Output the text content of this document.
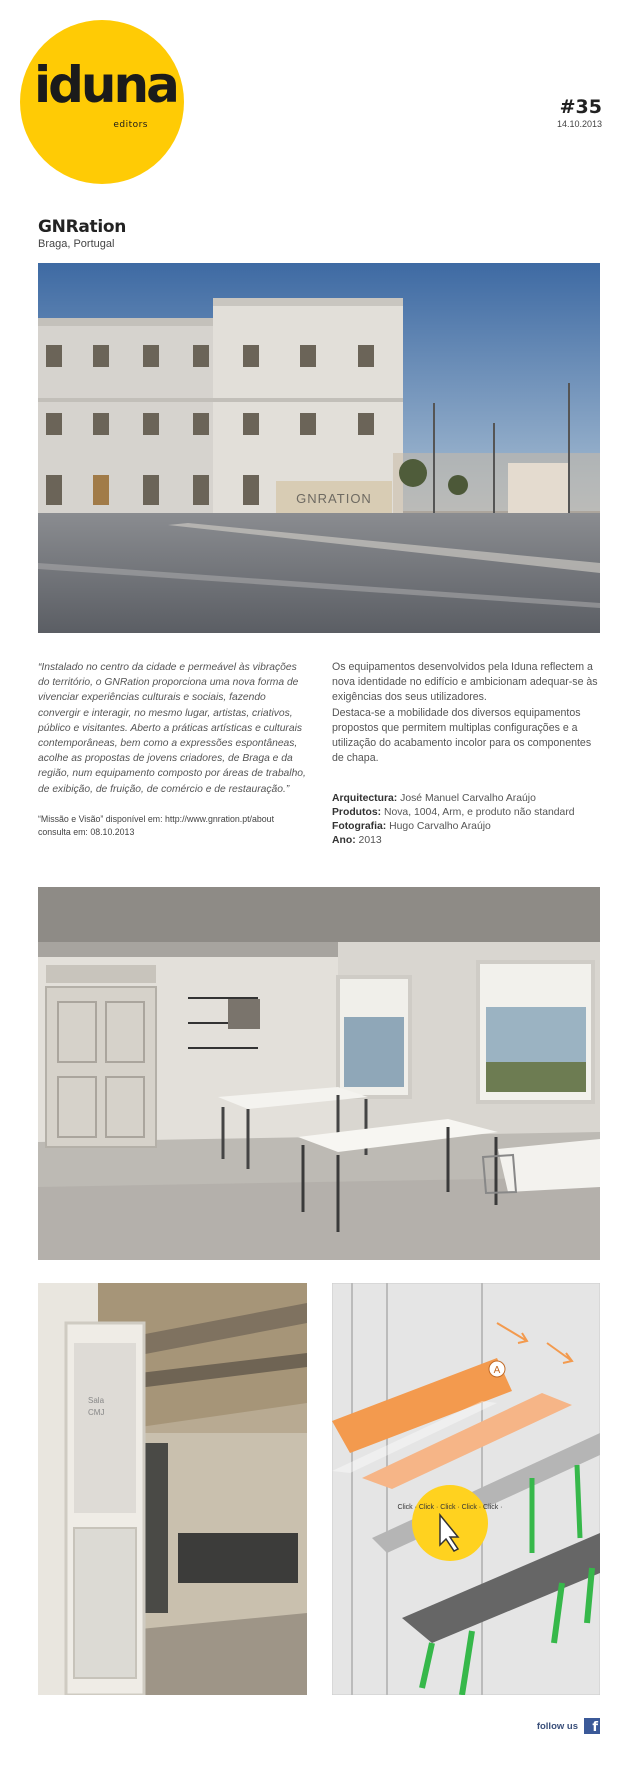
iduna
editors
#35
14.10.2013
GNRation
Braga, Portugal
GNRATION

“Instalado no centro da cidade e permeável às vibrações do território, o GNRation proporciona uma nova forma de vivenciar experiências culturais e sociais, fazendo convergir e interagir, no mesmo lugar, artistas, criativos, público e visitantes. Aberto a práticas artísticas e culturais contemporâneas, bem como a expressões espontâneas, acolhe as propostas de jovens criadores, de Braga e da região, num equipamento composto por áreas de trabalho, de exibição, de fruição, de comércio e de restauração.”

“Missão e Visão” disponível em: http://www.gnration.pt/about
consulta em: 08.10.2013

Os equipamentos desenvolvidos pela Iduna reflectem a nova identidade no edifício e ambicionam adequar-se às exigências dos seus utilizadores.

Destaca-se a mobilidade dos diversos equipamentos propostos que permitem multiplas configurações e a utilização do acabamento incolor para os componentes de chapa.

Arquitectura: José Manuel Carvalho Araújo
Produtos: Nova, 1004, Arm, e produto não standard
Fotografia: Hugo Carvalho Araújo
Ano: 2013
Sala
CMJ
A
Click · Click · Click · Click · Click ·
follow us	f
